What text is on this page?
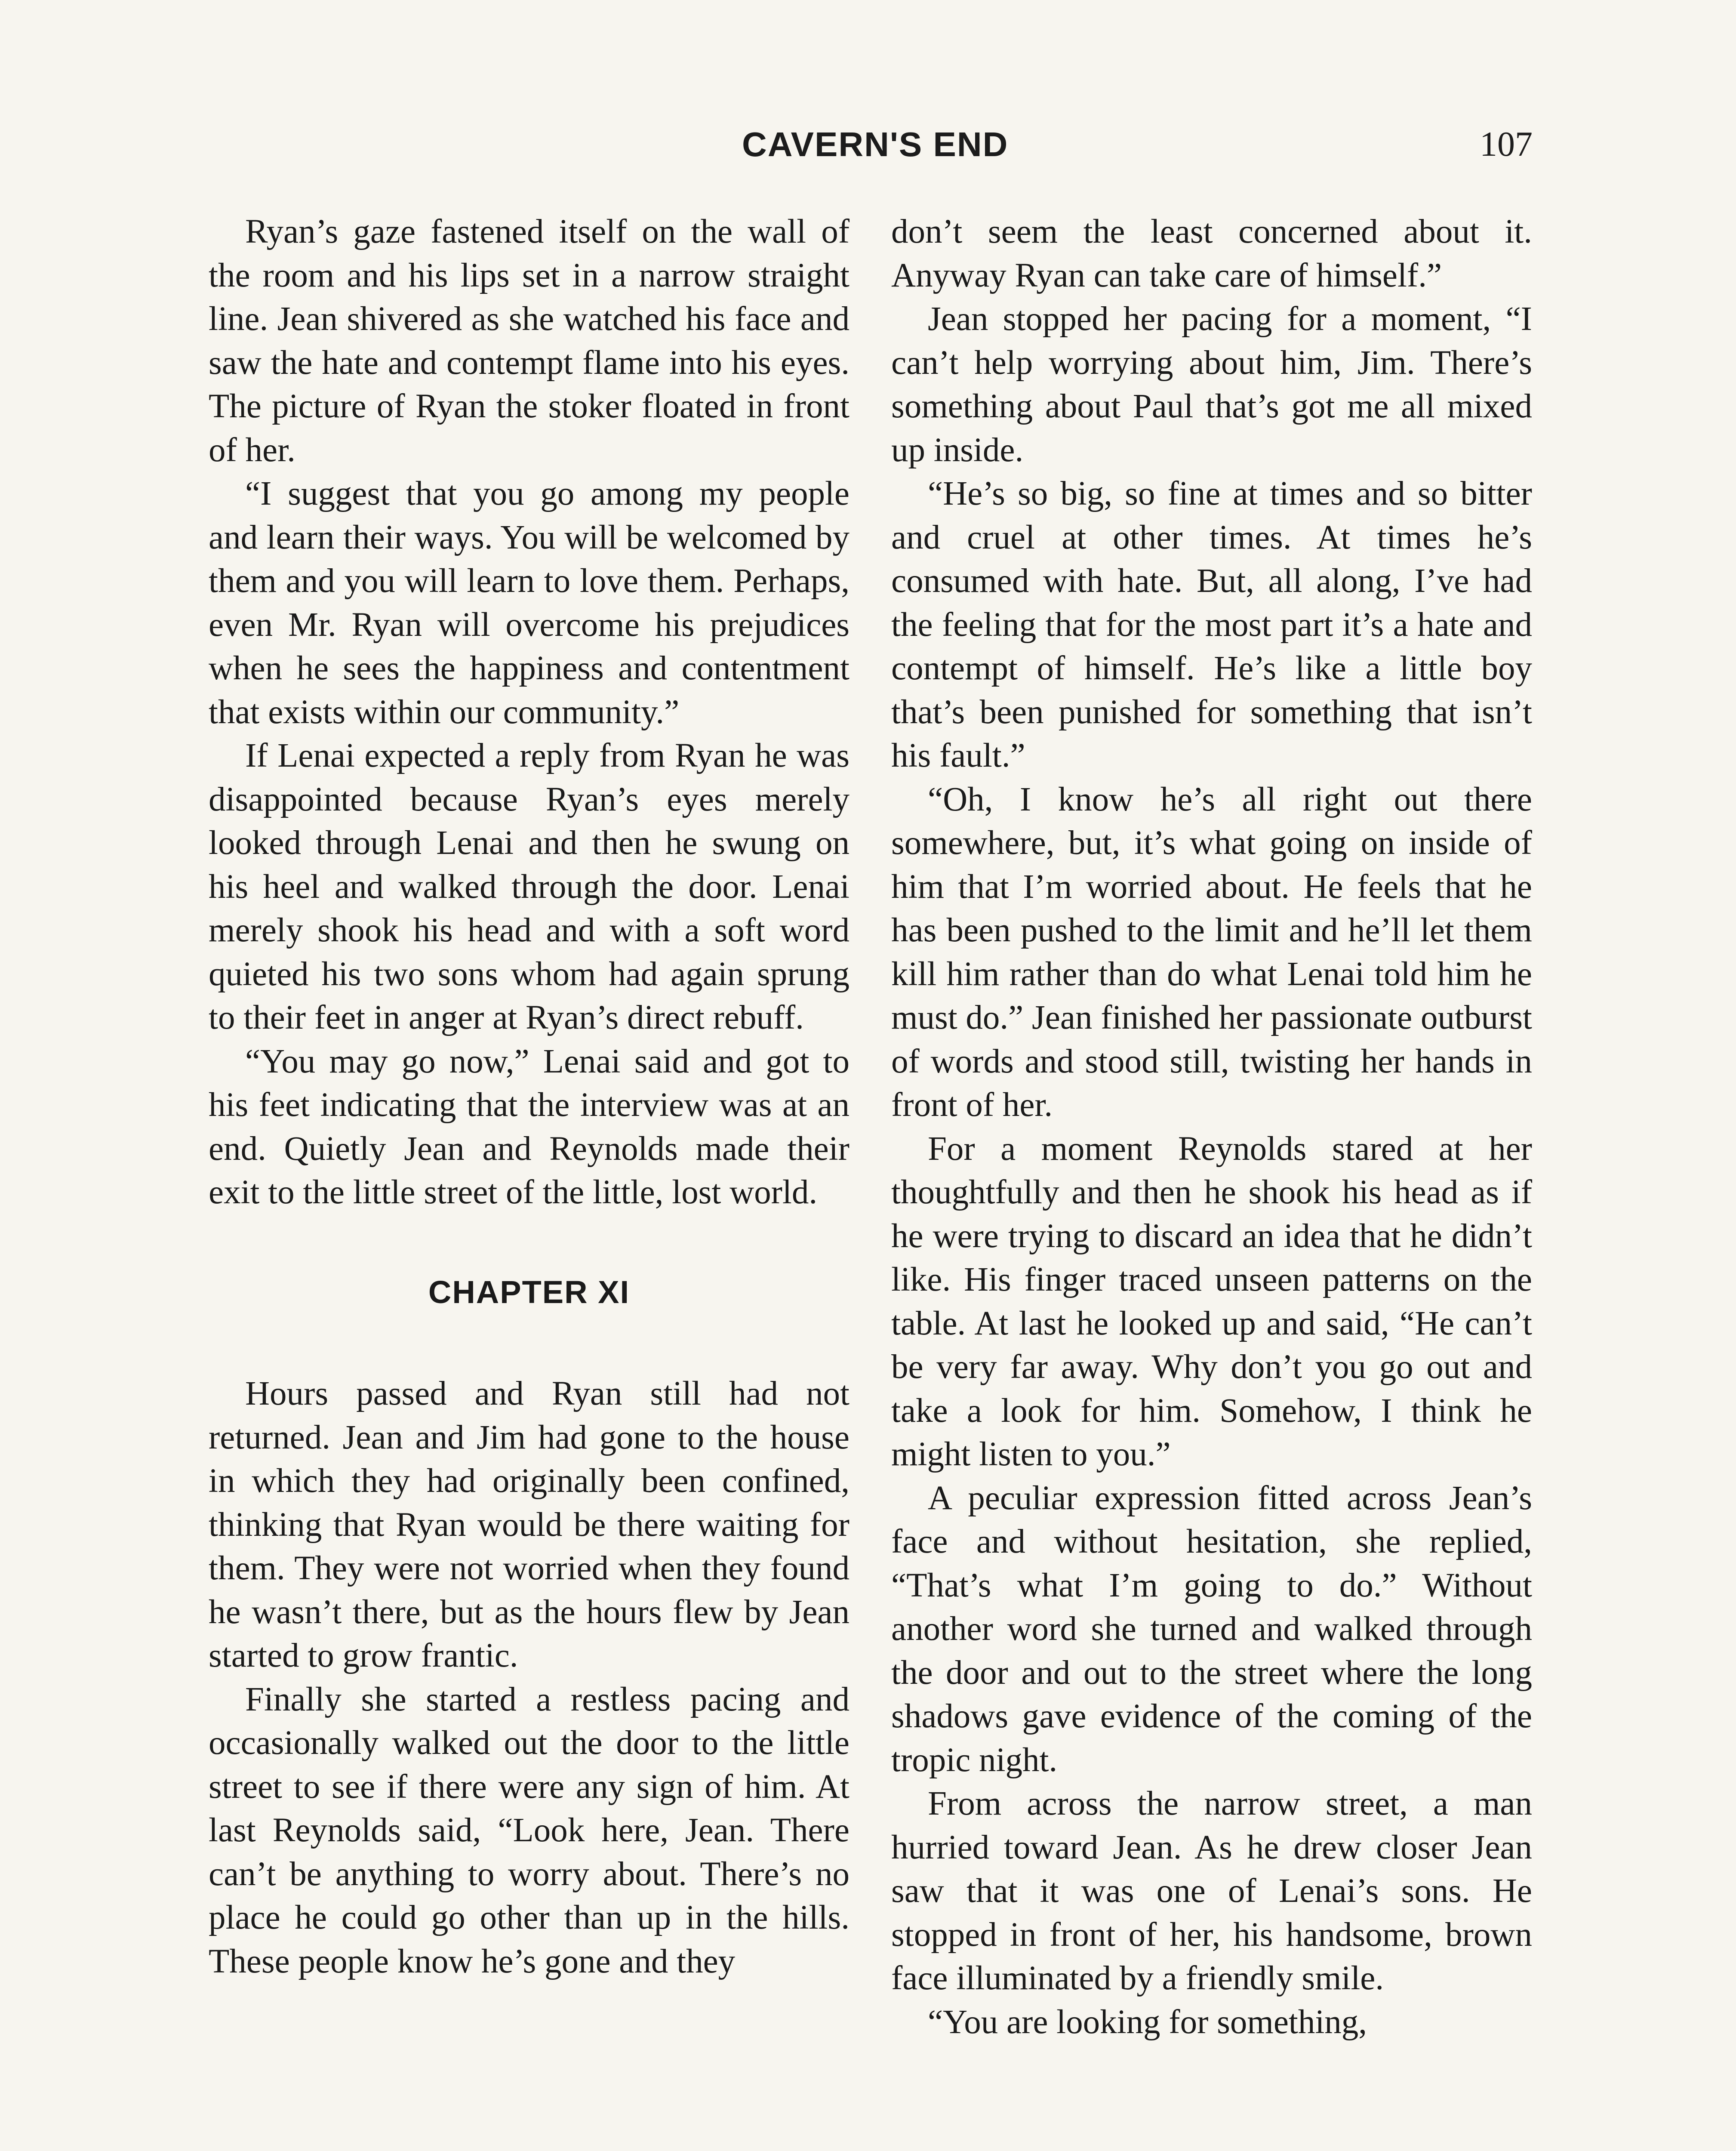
CAVERN'S END	107

Ryan’s gaze fastened itself on the wall of the room and his lips set in a narrow straight line. Jean shivered as she watched his face and saw the hate and contempt flame into his eyes. The picture of Ryan the stoker floated in front of her.

“I suggest that you go among my people and learn their ways. You will be welcomed by them and you will learn to love them. Perhaps, even Mr. Ryan will overcome his prejudices when he sees the happiness and contentment that exists within our community.”

If Lenai expected a reply from Ryan he was disappointed because Ryan’s eyes merely looked through Lenai and then he swung on his heel and walked through the door. Lenai merely shook his head and with a soft word quieted his two sons whom had again sprung to their feet in anger at Ryan’s direct rebuff.

“You may go now,” Lenai said and got to his feet indicating that the interview was at an end. Quietly Jean and Reynolds made their exit to the little street of the little, lost world.

CHAPTER XI

Hours passed and Ryan still had not returned. Jean and Jim had gone to the house in which they had originally been confined, thinking that Ryan would be there waiting for them. They were not worried when they found he wasn’t there, but as the hours flew by Jean started to grow frantic.

Finally she started a restless pacing and occasionally walked out the door to the little street to see if there were any sign of him. At last Reynolds said, “Look here, Jean. There can’t be anything to worry about. There’s no place he could go other than up in the hills. These people know he’s gone and they

don’t seem the least concerned about it. Anyway Ryan can take care of himself.”

Jean stopped her pacing for a moment, “I can’t help worrying about him, Jim. There’s something about Paul that’s got me all mixed up inside.

“He’s so big, so fine at times and so bitter and cruel at other times. At times he’s consumed with hate. But, all along, I’ve had the feeling that for the most part it’s a hate and contempt of himself. He’s like a little boy that’s been punished for something that isn’t his fault.”

“Oh, I know he’s all right out there somewhere, but, it’s what going on inside of him that I’m worried about. He feels that he has been pushed to the limit and he’ll let them kill him rather than do what Lenai told him he must do.” Jean finished her passionate outburst of words and stood still, twisting her hands in front of her.

For a moment Reynolds stared at her thoughtfully and then he shook his head as if he were trying to discard an idea that he didn’t like. His finger traced unseen patterns on the table. At last he looked up and said, “He can’t be very far away. Why don’t you go out and take a look for him. Somehow, I think he might listen to you.”

A peculiar expression fitted across Jean’s face and without hesitation, she replied, “That’s what I’m going to do.” Without another word she turned and walked through the door and out to the street where the long shadows gave evidence of the coming of the tropic night.

From across the narrow street, a man hurried toward Jean. As he drew closer Jean saw that it was one of Lenai’s sons. He stopped in front of her, his handsome, brown face illuminated by a friendly smile.

“You are looking for something,
